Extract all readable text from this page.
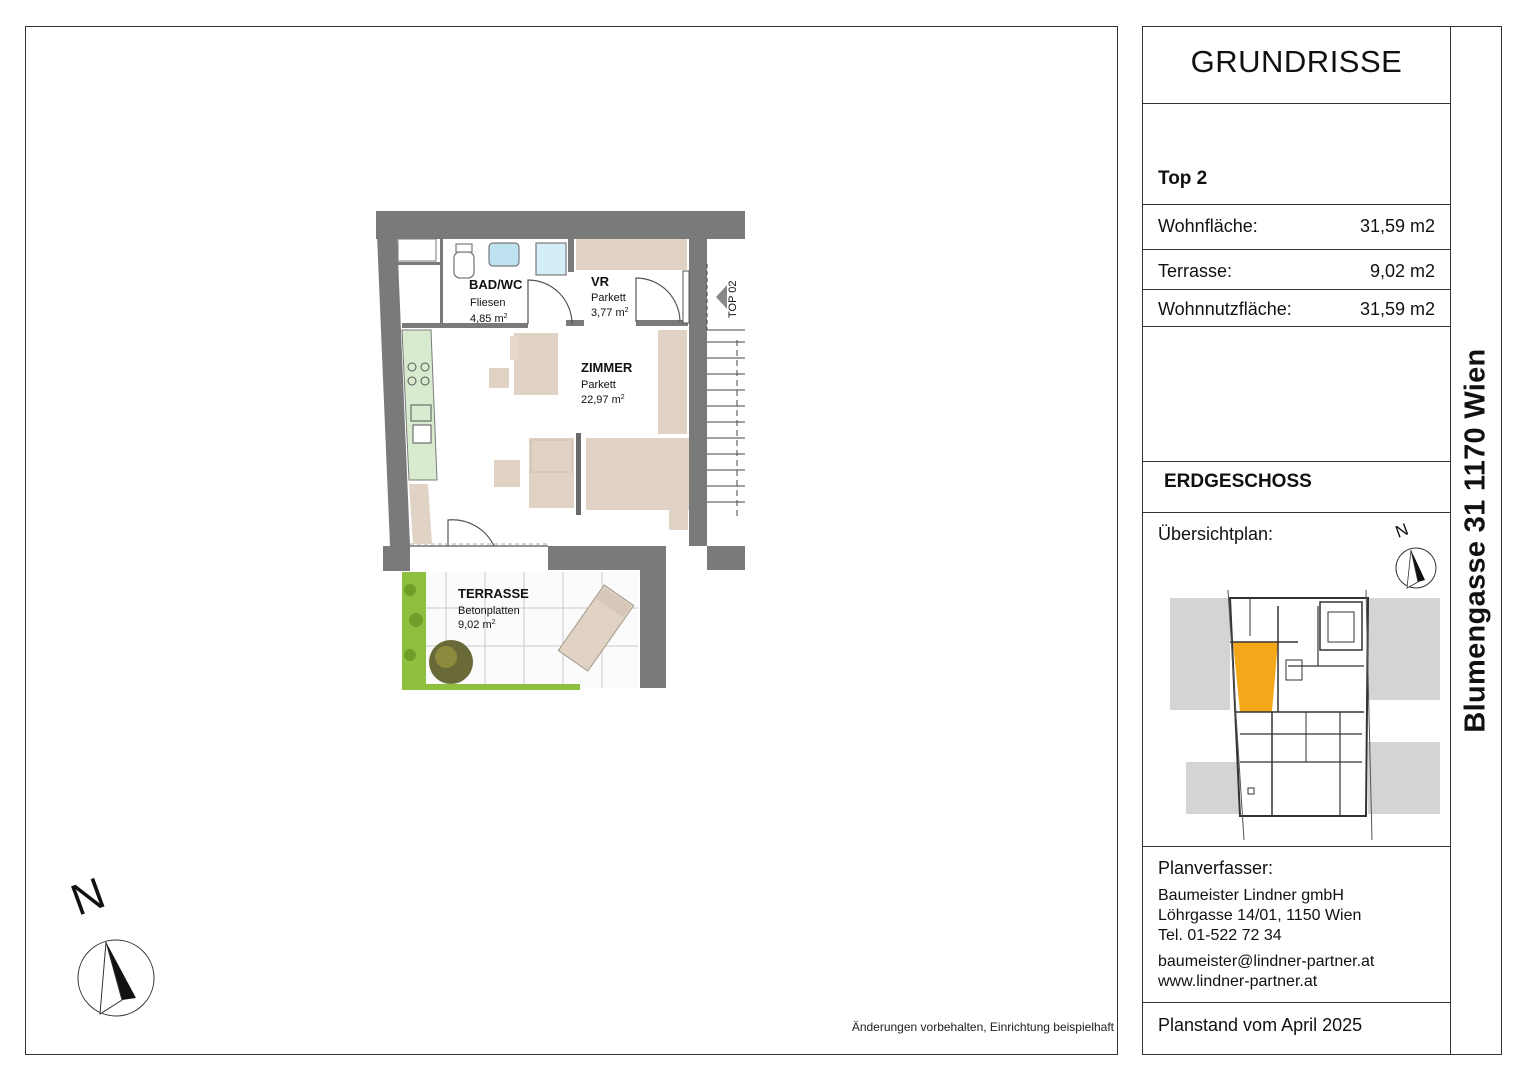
BAD/WC
Fliesen
4,85 $m^2$
VR
Parkett
3,77 $m^2$
ZIMMER
Parkett
22,97 $m^2$
TERRASSE
Betonplatten
9,02 $m^2$
TOP 02
N
Änderungen vorbehalten, Einrichtung beispielhaft
GRUNDRISSE
Top 2
Wohnfläche:	31,59 m2
Terrasse:	9,02 m2
Wohnnutzfläche:	31,59 m2
ERDGESCHOSS
Übersichtplan:	N
Planverfasser:
Baumeister Lindner gmbH
Löhrgasse 14/01, 1150 Wien
Tel. 01-522 72 34
baumeister@lindner-partner.at
www.lindner-partner.at
Planstand vom April 2025
Blumengasse 31 1170 Wien
